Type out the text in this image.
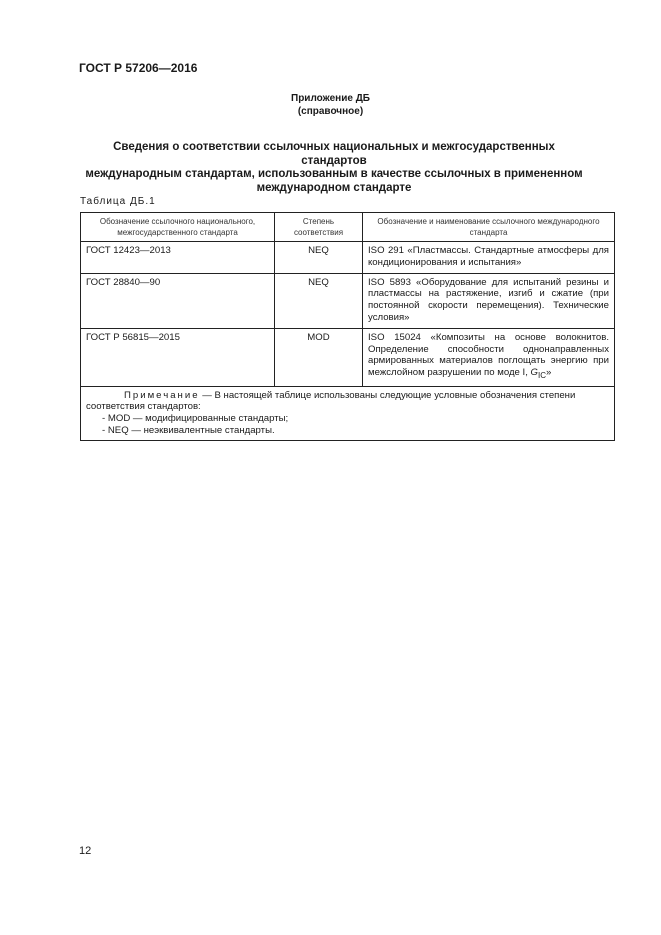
ГОСТ Р 57206—2016
Приложение ДБ
(справочное)
Сведения о соответствии ссылочных национальных и межгосударственных стандартов
международным стандартам, использованным в качестве ссылочных в примененном
международном стандарте
Таблица ДБ.1
Обозначение ссылочного национального, межгосударственного стандарта	Степень соответствия	Обозначение и наименование ссылочного международного стандарта
ГОСТ 12423—2013	NEQ	ISO 291 «Пластмассы. Стандартные атмосферы для кондиционирования и испытания»
ГОСТ 28840—90	NEQ	ISO 5893 «Оборудование для испытаний резины и пластмассы на растяжение, изгиб и сжатие (при постоянной скорости перемещения). Технические условия»
ГОСТ Р 56815—2015	MOD	ISO 15024 «Композиты на основе волокнитов. Определение способности однонаправленных армированных материалов поглощать энергию при межслойном разрушении по моде I, $G_{IC}$»

Примечание — В настоящей таблице использованы следующие условные обозначения степени соответствия стандартов:
- MOD — модифицированные стандарты;
- NEQ — неэквивалентные стандарты.		
12
